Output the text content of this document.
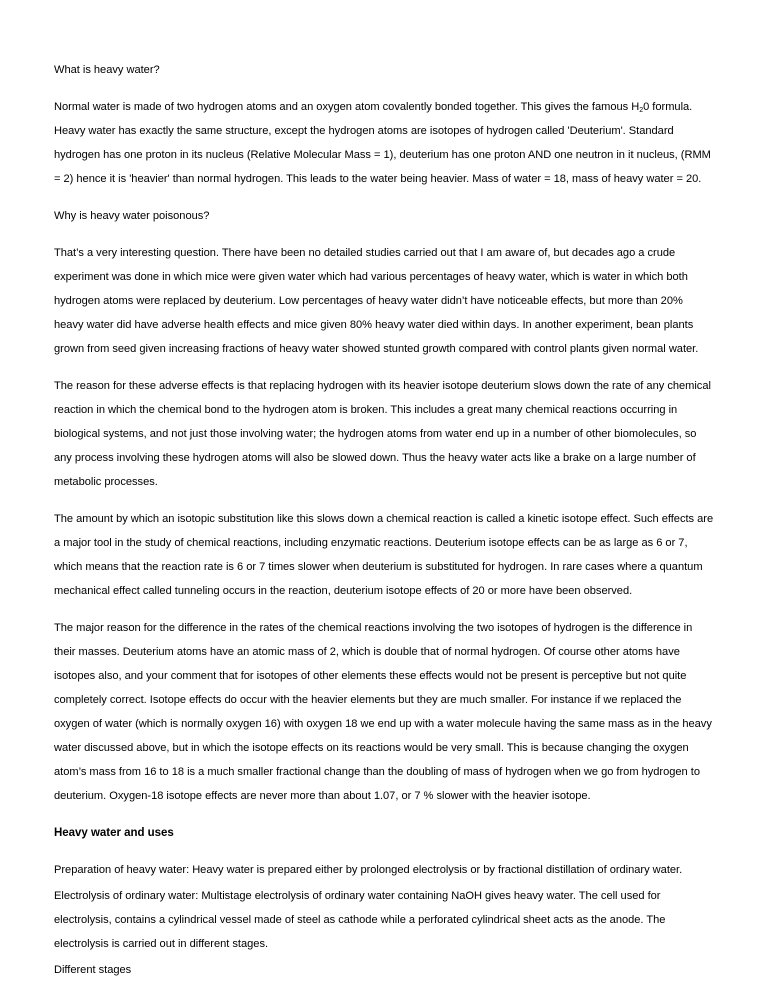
What is heavy water?

Normal water is made of two hydrogen atoms and an oxygen atom covalently bonded together. This gives the famous $H_20$ formula. Heavy water has exactly the same structure, except the hydrogen atoms are isotopes of hydrogen called 'Deuterium'. Standard hydrogen has one proton in its nucleus (Relative Molecular Mass = 1), deuterium has one proton AND one neutron in it nucleus, (RMM = 2) hence it is 'heavier' than normal hydrogen. This leads to the water being heavier. Mass of water = 18, mass of heavy water = 20.

Why is heavy water poisonous?

That’s a very interesting question. There have been no detailed studies carried out that I am aware of, but decades ago a crude experiment was done in which mice were given water which had various percentages of heavy water, which is water in which both hydrogen atoms were replaced by deuterium. Low percentages of heavy water didn’t have noticeable effects, but more than 20% heavy water did have adverse health effects and mice given 80% heavy water died within days. In another experiment, bean plants grown from seed given increasing fractions of heavy water showed stunted growth compared with control plants given normal water.

The reason for these adverse effects is that replacing hydrogen with its heavier isotope deuterium slows down the rate of any chemical reaction in which the chemical bond to the hydrogen atom is broken. This includes a great many chemical reactions occurring in biological systems, and not just those involving water; the hydrogen atoms from water end up in a number of other biomolecules, so any process involving these hydrogen atoms will also be slowed down. Thus the heavy water acts like a brake on a large number of metabolic processes.

The amount by which an isotopic substitution like this slows down a chemical reaction is called a kinetic isotope effect. Such effects are a major tool in the study of chemical reactions, including enzymatic reactions. Deuterium isotope effects can be as large as 6 or 7, which means that the reaction rate is 6 or 7 times slower when deuterium is substituted for hydrogen. In rare cases where a quantum mechanical effect called tunneling occurs in the reaction, deuterium isotope effects of 20 or more have been observed.

The major reason for the difference in the rates of the chemical reactions involving the two isotopes of hydrogen is the difference in their masses. Deuterium atoms have an atomic mass of 2, which is double that of normal hydrogen. Of course other atoms have isotopes also, and your comment that for isotopes of other elements these effects would not be present is perceptive but not quite completely correct. Isotope effects do occur with the heavier elements but they are much smaller. For instance if we replaced the oxygen of water (which is normally oxygen 16) with oxygen 18 we end up with a water molecule having the same mass as in the heavy water discussed above, but in which the isotope effects on its reactions would be very small. This is because changing the oxygen atom’s mass from 16 to 18 is a much smaller fractional change than the doubling of mass of hydrogen when we go from hydrogen to deuterium. Oxygen-18 isotope effects are never more than about 1.07, or 7 % slower with the heavier isotope.

Heavy water and uses

Preparation of heavy water: Heavy water is prepared either by prolonged electrolysis or by fractional distillation of ordinary water.

Electrolysis of ordinary water: Multistage electrolysis of ordinary water containing NaOH gives heavy water. The cell used for electrolysis, contains a cylindrical vessel made of steel as cathode while a perforated cylindrical sheet acts as the anode. The electrolysis is carried out in different stages.

Different stages
